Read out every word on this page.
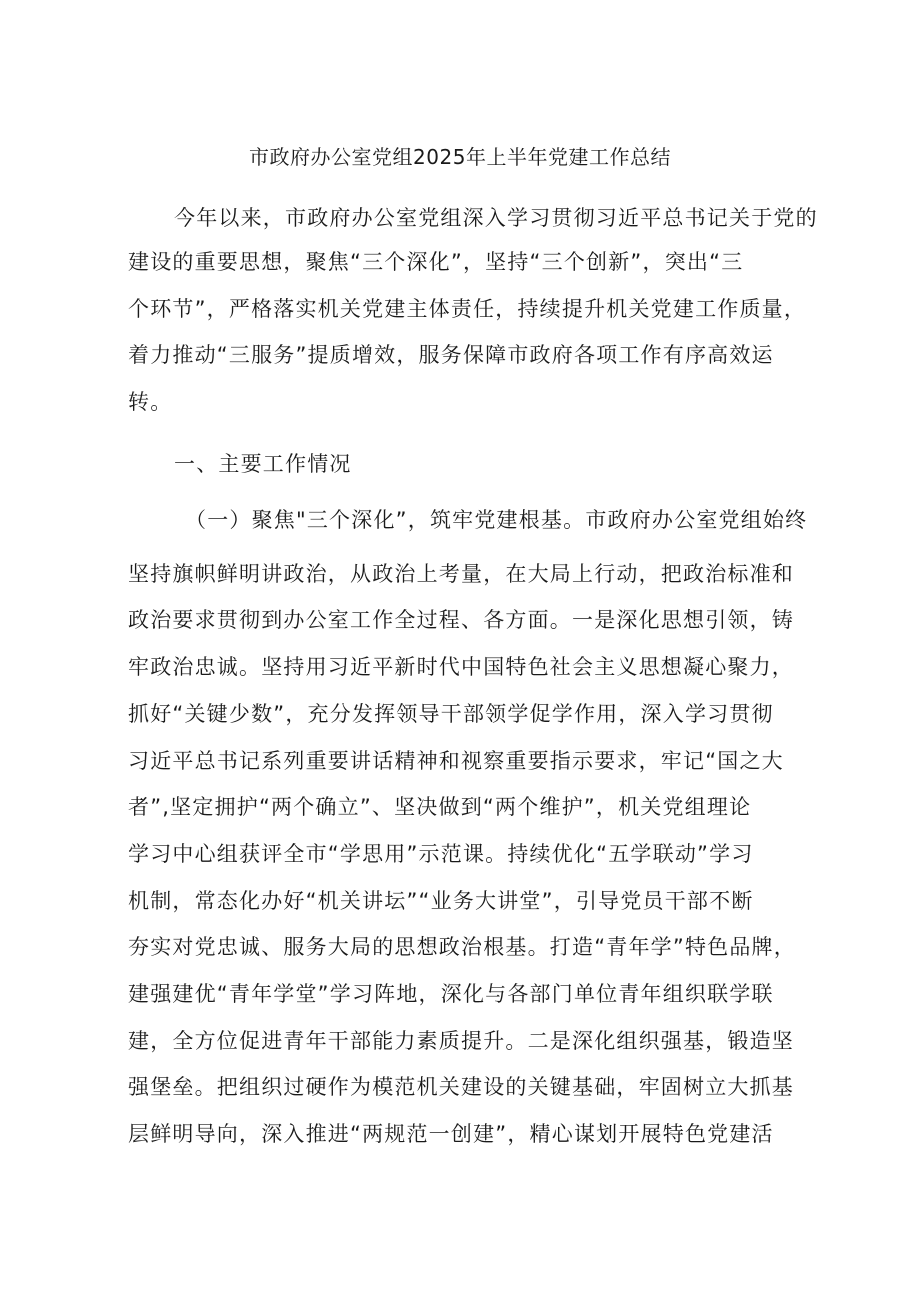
市政府办公室党组2025年上半年党建工作总结
今年以来，市政府办公室党组深入学习贯彻习近平总书记关于党的
建设的重要思想，聚焦“三个深化”，坚持“三个创新”，突出“三
个环节”，严格落实机关党建主体责任，持续提升机关党建工作质量，
着力推动“三服务”提质增效，服务保障市政府各项工作有序高效运
转。
一、主要工作情况
（一）聚焦"三个深化”，筑牢党建根基。市政府办公室党组始终
坚持旗帜鲜明讲政治，从政治上考量，在大局上行动，把政治标准和
政治要求贯彻到办公室工作全过程、各方面。一是深化思想引领，铸
牢政治忠诚。坚持用习近平新时代中国特色社会主义思想凝心聚力，
抓好“关键少数”，充分发挥领导干部领学促学作用，深入学习贯彻
习近平总书记系列重要讲话精神和视察重要指示要求，牢记“国之大
者”,坚定拥护“两个确立”、坚决做到“两个维护”，机关党组理论
学习中心组获评全市“学思用”示范课。持续优化“五学联动”学习
机制，常态化办好“机关讲坛”“业务大讲堂”，引导党员干部不断
夯实对党忠诚、服务大局的思想政治根基。打造“青年学”特色品牌，
建强建优“青年学堂”学习阵地，深化与各部门单位青年组织联学联
建，全方位促进青年干部能力素质提升。二是深化组织强基，锻造坚
强堡垒。把组织过硬作为模范机关建设的关键基础，牢固树立大抓基
层鲜明导向，深入推进“两规范一创建”，精心谋划开展特色党建活
